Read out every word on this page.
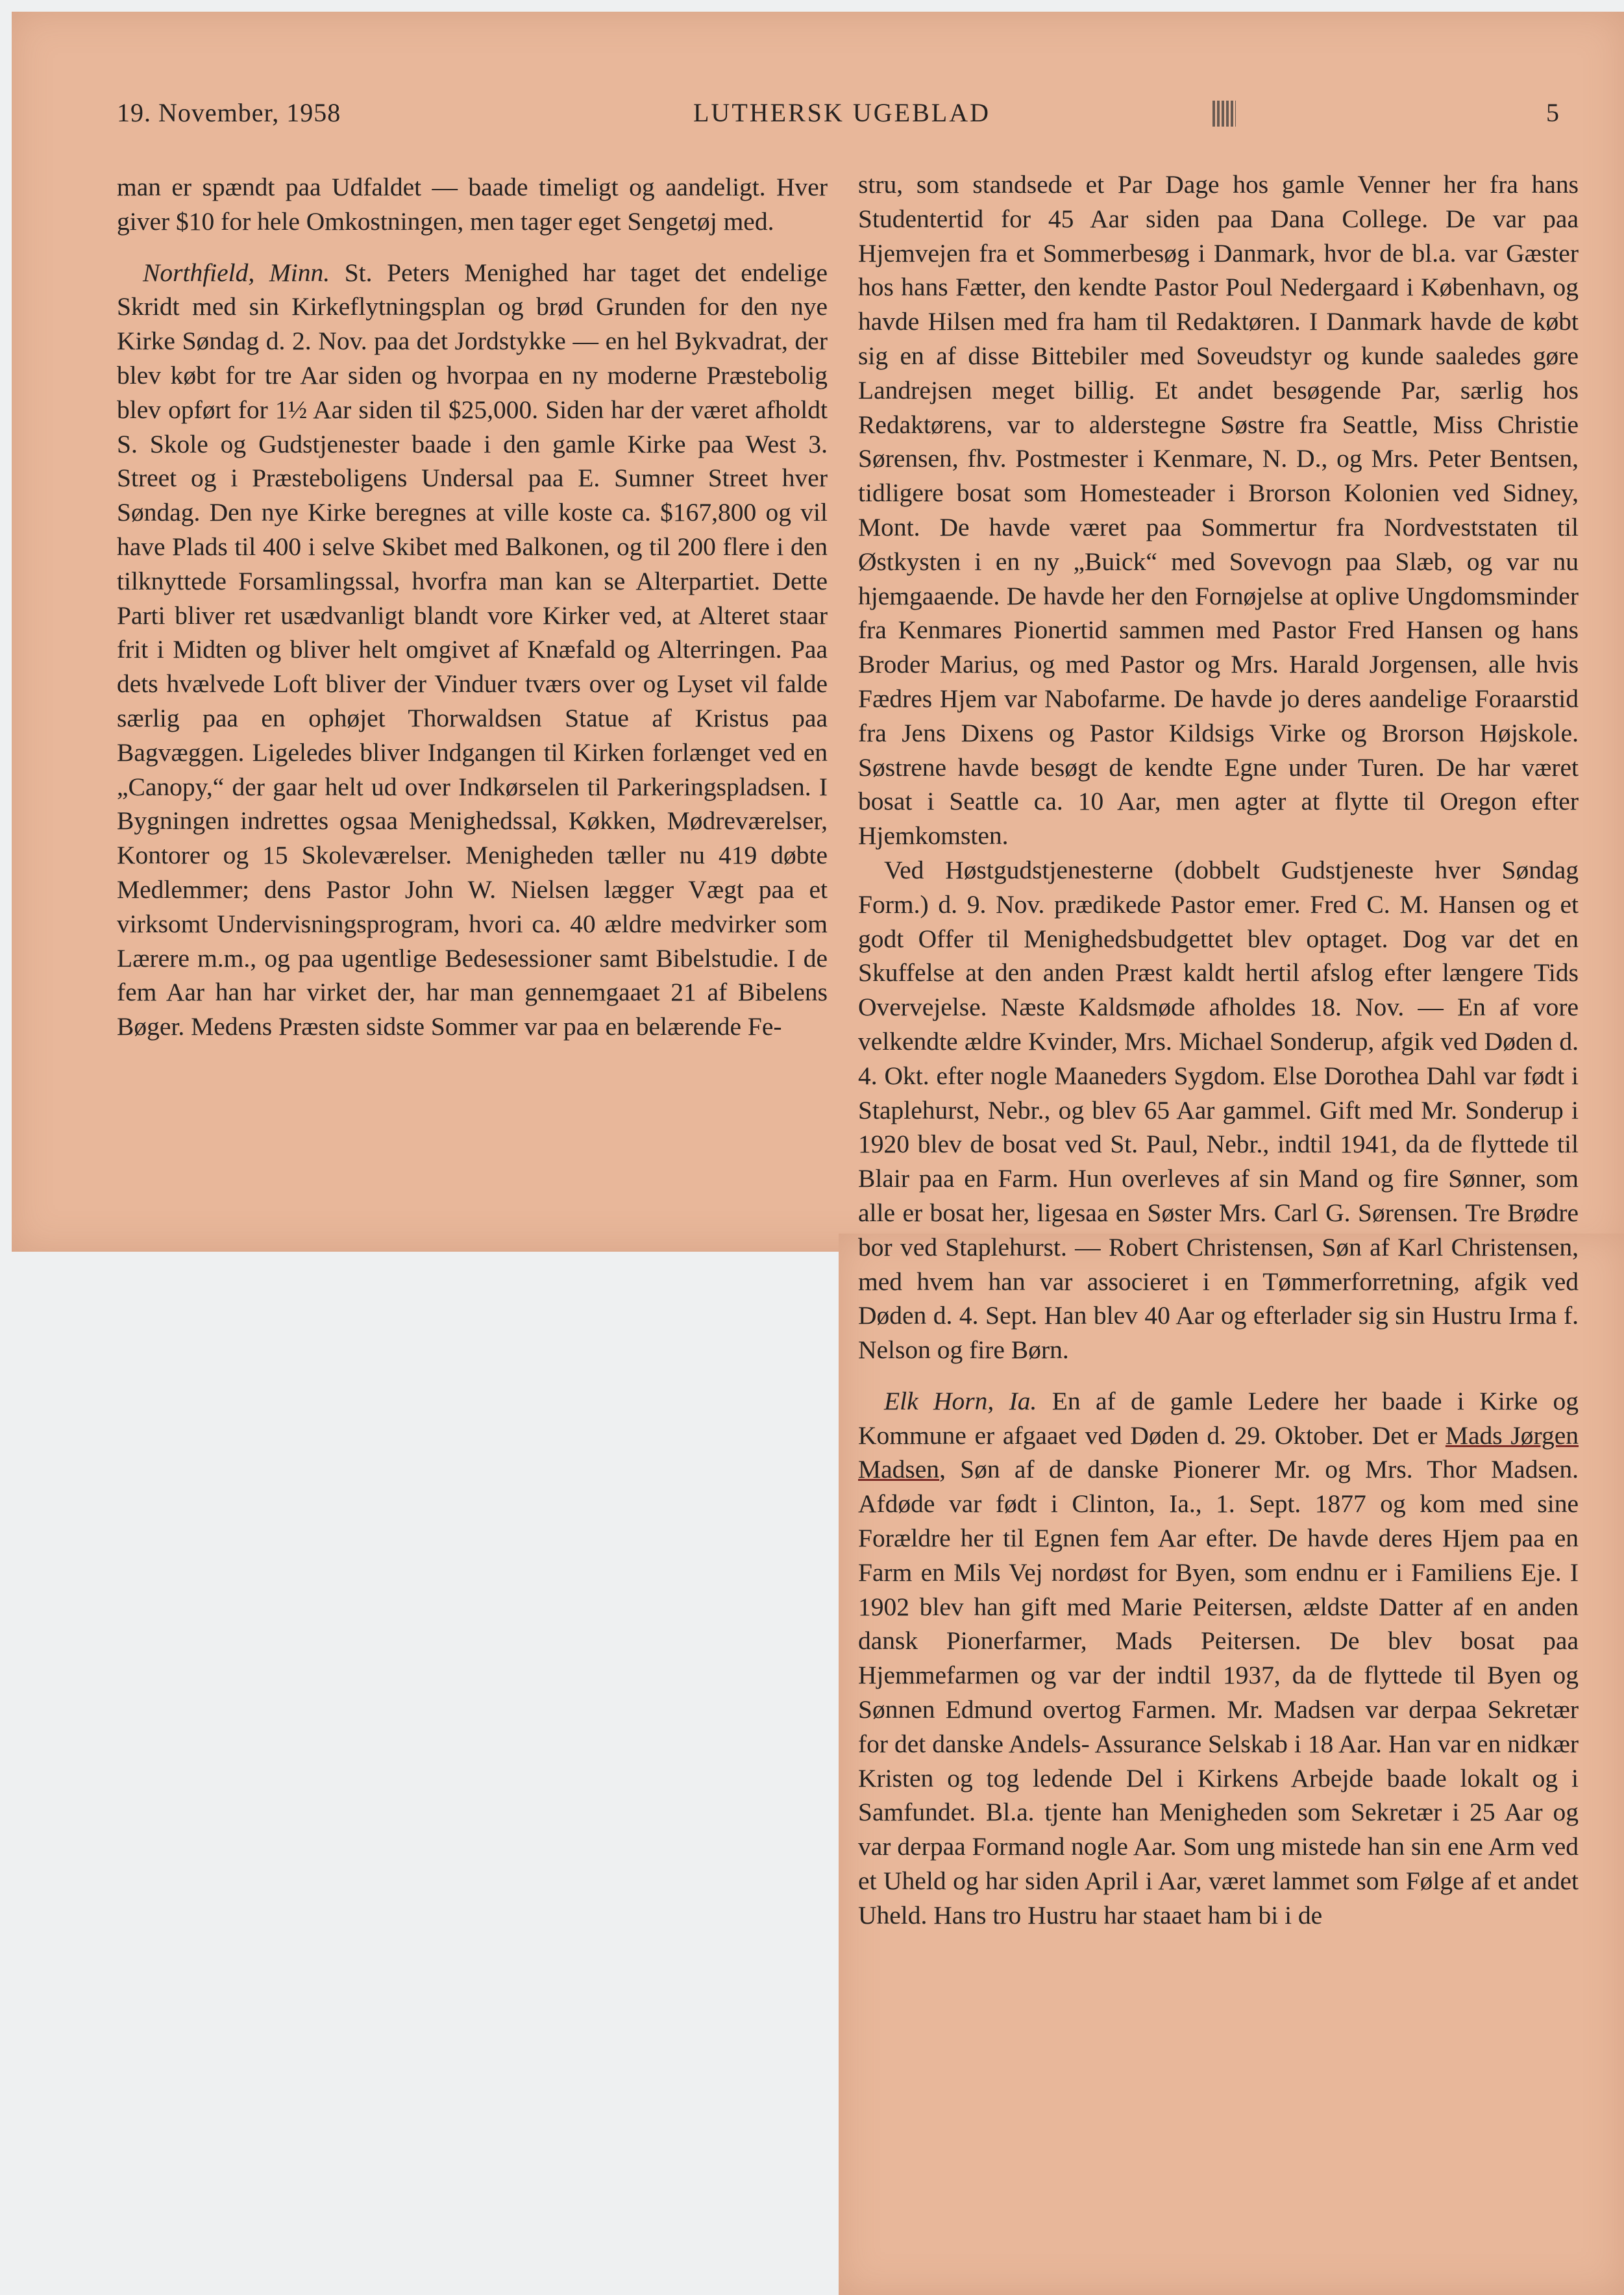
19. November, 1958	LUTHERSK UGEBLAD	5

man er spændt paa Udfaldet — baade timeligt og aandeligt. Hver giver $10 for hele Omkostningen, men tager eget Sengetøj med.

Northfield, Minn. St. Peters Menighed har taget det endelige Skridt med sin Kirkeflytningsplan og brød Grunden for den nye Kirke Søndag d. 2. Nov. paa det Jordstykke — en hel Bykvadrat, der blev købt for tre Aar siden og hvorpaa en ny moderne Præstebolig blev opført for 1½ Aar siden til $25,000. Siden har der været afholdt S. Skole og Gudstjenester baade i den gamle Kirke paa West 3. Street og i Præsteboligens Undersal paa E. Sumner Street hver Søndag. Den nye Kirke beregnes at ville koste ca. $167,800 og vil have Plads til 400 i selve Skibet med Balkonen, og til 200 flere i den tilknyttede Forsamlingssal, hvorfra man kan se Alterpartiet. Dette Parti bliver ret usædvanligt blandt vore Kirker ved, at Alteret staar frit i Midten og bliver helt omgivet af Knæfald og Alterringen. Paa dets hvælvede Loft bliver der Vinduer tværs over og Lyset vil falde særlig paa en ophøjet Thorwaldsen Statue af Kristus paa Bagvæggen. Ligeledes bliver Indgangen til Kirken forlænget ved en „Canopy,“ der gaar helt ud over Indkørselen til Parkeringspladsen. I Bygningen indrettes ogsaa Menighedssal, Køkken, Mødreværelser, Kontorer og 15 Skoleværelser. Menigheden tæller nu 419 døbte Medlemmer; dens Pastor John W. Nielsen lægger Vægt paa et virksomt Undervisningsprogram, hvori ca. 40 ældre medvirker som Lærere m.m., og paa ugentlige Bedesessioner samt Bibelstudie. I de fem Aar han har virket der, har man gennemgaaet 21 af Bibelens Bøger. Medens Præsten sidste Sommer var paa en belærende Fe-

stru, som standsede et Par Dage hos gamle Venner her fra hans Studentertid for 45 Aar siden paa Dana College. De var paa Hjemvejen fra et Sommerbesøg i Danmark, hvor de bl.a. var Gæster hos hans Fætter, den kendte Pastor Poul Nedergaard i København, og havde Hilsen med fra ham til Redaktøren. I Danmark havde de købt sig en af disse Bittebiler med Soveudstyr og kunde saaledes gøre Landrejsen meget billig. Et andet besøgende Par, særlig hos Redaktørens, var to alderstegne Søstre fra Seattle, Miss Christie Sørensen, fhv. Postmester i Kenmare, N. D., og Mrs. Peter Bentsen, tidligere bosat som Homesteader i Brorson Kolonien ved Sidney, Mont. De havde været paa Sommertur fra Nordveststaten til Østkysten i en ny „Buick“ med Sovevogn paa Slæb, og var nu hjemgaaende. De havde her den Fornøjelse at oplive Ungdomsminder fra Kenmares Pionertid sammen med Pastor Fred Hansen og hans Broder Marius, og med Pastor og Mrs. Harald Jorgensen, alle hvis Fædres Hjem var Nabofarme. De havde jo deres aandelige Foraarstid fra Jens Dixens og Pastor Kildsigs Virke og Brorson Højskole. Søstrene havde besøgt de kendte Egne under Turen. De har været bosat i Seattle ca. 10 Aar, men agter at flytte til Oregon efter Hjemkomsten.

Ved Høstgudstjenesterne (dobbelt Gudstjeneste hver Søndag Form.) d. 9. Nov. prædikede Pastor emer. Fred C. M. Hansen og et godt Offer til Menighedsbudgettet blev optaget. Dog var det en Skuffelse at den anden Præst kaldt hertil afslog efter længere Tids Overvejelse. Næste Kaldsmøde afholdes 18. Nov. — En af vore velkendte ældre Kvinder, Mrs. Michael Sonderup, afgik ved Døden d. 4. Okt. efter nogle Maaneders Sygdom. Else Dorothea Dahl var født i Staplehurst, Nebr., og blev 65 Aar gammel. Gift med Mr. Sonderup i 1920 blev de bosat ved St. Paul, Nebr., indtil 1941, da de flyttede til Blair paa en Farm. Hun overleves af sin Mand og fire Sønner, som alle er bosat her, ligesaa en Søster Mrs. Carl G. Sørensen. Tre Brødre bor ved Staplehurst. — Robert Christensen, Søn af Karl Christensen, med hvem han var associeret i en Tømmerforretning, afgik ved Døden d. 4. Sept. Han blev 40 Aar og efterlader sig sin Hustru Irma f. Nelson og fire Børn.

Elk Horn, Ia. En af de gamle Ledere her baade i Kirke og Kommune er afgaaet ved Døden d. 29. Oktober. Det er Mads Jørgen Madsen, Søn af de danske Pionerer Mr. og Mrs. Thor Madsen. Afdøde var født i Clinton, Ia., 1. Sept. 1877 og kom med sine Forældre her til Egnen fem Aar efter. De havde deres Hjem paa en Farm en Mils Vej nordøst for Byen, som endnu er i Familiens Eje. I 1902 blev han gift med Marie Peitersen, ældste Datter af en anden dansk Pionerfarmer, Mads Peitersen. De blev bosat paa Hjemmefarmen og var der indtil 1937, da de flyttede til Byen og Sønnen Edmund overtog Farmen. Mr. Madsen var derpaa Sekretær for det danske Andels- Assurance Selskab i 18 Aar. Han var en nidkær Kristen og tog ledende Del i Kirkens Arbejde baade lokalt og i Samfundet. Bl.a. tjente han Menigheden som Sekretær i 25 Aar og var derpaa Formand nogle Aar. Som ung mistede han sin ene Arm ved et Uheld og har siden April i Aar, været lammet som Følge af et andet Uheld. Hans tro Hustru har staaet ham bi i de
